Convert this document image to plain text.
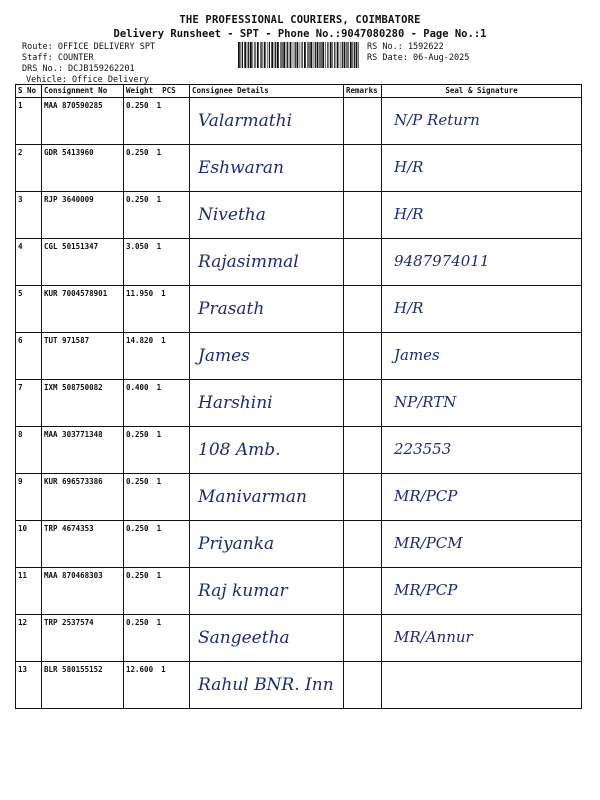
THE PROFESSIONAL COURIERS, COIMBATORE
Delivery Runsheet - SPT - Phone No.:9047080280 - Page No.:1
Route: OFFICE DELIVERY SPT
Staff: COUNTER
DRS No.: DCJB159262201
Vehicle: Office Delivery
RS No.: 1592622
RS Date: 06-Aug-2025
S No	Consignment No	Weight PCS	Consignee Details	Remarks	Seal & Signature
1	MAA 870590285	0.250 1	Valarmathi		N/P Return

2	GDR 5413960	0.250 1	Eshwaran		H/R

3	RJP 3640009	0.250 1	Nivetha		H/R

4	CGL 50151347	3.050 1	Rajasimmal		9487974011

5	KUR 7004578901	11.950 1	Prasath		H/R

6	TUT 971587	14.820 1	James		James

7	IXM 508750082	0.400 1	Harshini		NP/RTN

8	MAA 303771348	0.250 1	108 Amb.		223553

9	KUR 696573386	0.250 1	Manivarman		MR/PCP

10	TRP 4674353	0.250 1	Priyanka		MR/PCM

11	MAA 870468303	0.250 1	Raj kumar		MR/PCP

12	TRP 2537574	0.250 1	Sangeetha		MR/Annur

13	BLR 580155152	12.600 1	Rahul BNR. Inn		
